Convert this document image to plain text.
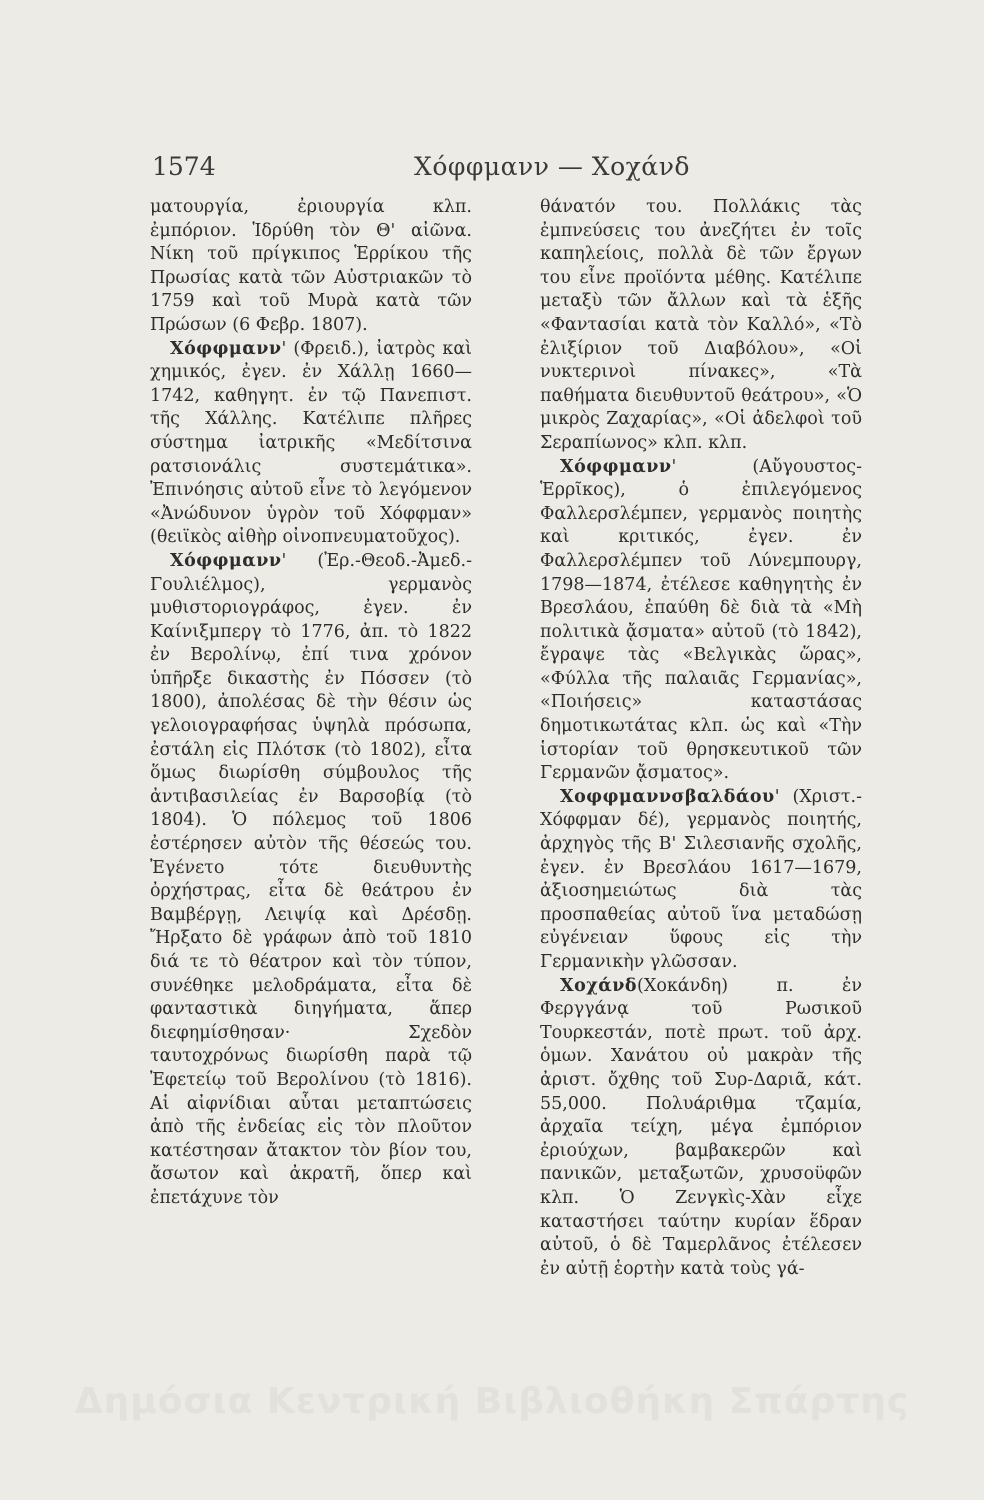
1574	Χόφφμανν — Χοχάνδ

ματουργία, ἐριουργία κλπ. ἐμπόριον. Ἱδρύθη τὸν Θ' αἰῶνα. Νίκη τοῦ πρίγκιπος Ἑρρίκου τῆς Πρωσίας κατὰ τῶν Αὐστριακῶν τὸ 1759 καὶ τοῦ Μυρὰ κατὰ τῶν Πρώσων (6 Φεβρ. 1807).

Χόφφμανν' (Φρειδ.), ἰατρὸς καὶ χημικός, ἐγεν. ἐν Χάλλῃ 1660—1742, καθηγητ. ἐν τῷ Πανεπιστ. τῆς Χάλλης. Κατέλιπε πλῆρες σύστημα ἰατρικῆς «Μεδίτσινα ρατσιονάλις συστεμάτικα». Ἐπινόησις αὐτοῦ εἶνε τὸ λεγόμενον «Ἀνώδυνον ὑγρὸν τοῦ Χόφφμαν» (θειϊκὸς αἰθὴρ οἰνοπνευματοῦχος).

Χόφφμανν' (Ἐρ.-Θεοδ.-Ἀμεδ.-Γουλιέλμος), γερμανὸς μυθιστοριογράφος, ἐγεν. ἐν Καίνιξμπεργ τὸ 1776, ἀπ. τὸ 1822 ἐν Βερολίνῳ, ἐπί τινα χρόνον ὑπῆρξε δικαστὴς ἐν Πόσσεν (τὸ 1800), ἀπολέσας δὲ τὴν θέσιν ὡς γελοιογραφήσας ὑψηλὰ πρόσωπα, ἐστάλη εἰς Πλότσκ (τὸ 1802), εἶτα ὅμως διωρίσθη σύμβουλος τῆς ἀντιβασιλείας ἐν Βαρσοβίᾳ (τὸ 1804). Ὁ πόλεμος τοῦ 1806 ἐστέρησεν αὐτὸν τῆς θέσεώς του. Ἐγένετο τότε διευθυντὴς ὀρχήστρας, εἶτα δὲ θεάτρου ἐν Βαμβέργῃ, Λειψίᾳ καὶ Δρέσδῃ. Ἤρξατο δὲ γράφων ἀπὸ τοῦ 1810 διά τε τὸ θέατρον καὶ τὸν τύπον, συνέθηκε μελοδράματα, εἶτα δὲ φανταστικὰ διηγήματα, ἅπερ διεφημίσθησαν· Σχεδὸν ταυτοχρόνως διωρίσθη παρὰ τῷ Ἐφετείῳ τοῦ Βερολίνου (τὸ 1816). Αἱ αἰφνίδιαι αὗται μεταπτώσεις ἀπὸ τῆς ἐνδείας εἰς τὸν πλοῦτον κατέστησαν ἄτακτον τὸν βίον του, ἄσωτον καὶ ἀκρατῆ, ὅπερ καὶ ἐπετάχυνε τὸν

θάνατόν του. Πολλάκις τὰς ἐμπνεύσεις του ἀνεζήτει ἐν τοῖς καπηλείοις, πολλὰ δὲ τῶν ἔργων του εἶνε προϊόντα μέθης. Κατέλιπε μεταξὺ τῶν ἄλλων καὶ τὰ ἑξῆς «Φαντασίαι κατὰ τὸν Καλλό», «Τὸ ἐλιξίριον τοῦ Διαβόλου», «Οἱ νυκτερινοὶ πίνακες», «Τὰ παθήματα διευθυντοῦ θεάτρου», «Ὁ μικρὸς Ζαχαρίας», «Οἱ ἀδελφοὶ τοῦ Σεραπίωνος» κλπ. κλπ.

Χόφφμανν' (Αὔγουστος-Ἑρρῖκος), ὁ ἐπιλεγόμενος Φαλλερσλέμπεν, γερμανὸς ποιητὴς καὶ κριτικός, ἐγεν. ἐν Φαλλερσλέμπεν τοῦ Λύνεμπουργ, 1798—1874, ἐτέλεσε καθηγητὴς ἐν Βρεσλάου, ἐπαύθη δὲ διὰ τὰ «Μὴ πολιτικὰ ᾄσματα» αὐτοῦ (τὸ 1842), ἔγραψε τὰς «Βελγικὰς ὥρας», «Φύλλα τῆς παλαιᾶς Γερμανίας», «Ποιήσεις» καταστάσας δημοτικωτάτας κλπ. ὡς καὶ «Τὴν ἱστορίαν τοῦ θρησκευτικοῦ τῶν Γερμανῶν ᾄσματος».

Χοφφμαννσβαλδάου' (Χριστ.-Χόφφμαν δέ), γερμανὸς ποιητής, ἀρχηγὸς τῆς Β' Σιλεσιανῆς σχολῆς, ἐγεν. ἐν Βρεσλάου 1617—1679, ἀξιοσημειώτως διὰ τὰς προσπαθείας αὐτοῦ ἵνα μεταδώσῃ εὐγένειαν ὕφους εἰς τὴν Γερμανικὴν γλῶσσαν.

Χοχάνδ(Χοκάνδη) π. ἐν Φεργγάνᾳ τοῦ Ρωσικοῦ Τουρκεστάν, ποτὲ πρωτ. τοῦ ἀρχ. ὁμων. Χανάτου οὐ μακρὰν τῆς ἀριστ. ὄχθης τοῦ Συρ-Δαριᾶ, κάτ. 55,000. Πολυάριθμα τζαμία, ἀρχαῖα τείχη, μέγα ἐμπόριον ἐριούχων, βαμβακερῶν καὶ πανικῶν, μεταξωτῶν, χρυσοϋφῶν κλπ. Ὁ Ζενγκὶς-Χὰν εἶχε καταστήσει ταύτην κυρίαν ἕδραν αὐτοῦ, ὁ δὲ Ταμερλᾶνος ἐτέλεσεν ἐν αὐτῇ ἑορτὴν κατὰ τοὺς γά-

Δημόσια Κεντρική Βιβλιοθήκη Σπάρτης
